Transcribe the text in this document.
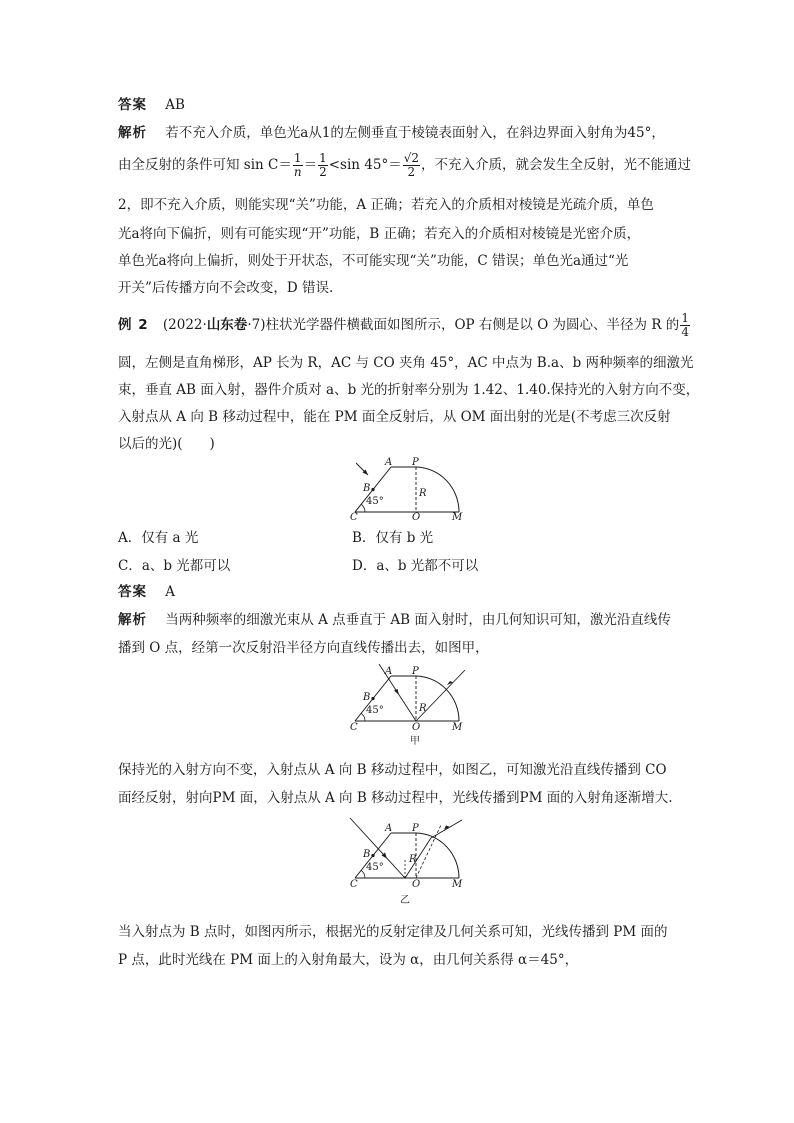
答案 AB
解析 若不充入介质，单色光a从1的左侧垂直于棱镜表面射入，在斜边界面入射角为45°，
由全反射的条件可知 $\sin C= \frac{1}{n} = \frac{1}{2} <\sin$ $45^\circ= \frac{√2}{2}$ ，不充入介质，就会发生全反射，光不能通过
2，即不充入介质，则能实现“关”功能，A 正确；若充入的介质相对棱镜是光疏介质，单色
光a将向下偏折，则有可能实现“开”功能，B 正确；若充入的介质相对棱镜是光密介质，
单色光a将向上偏折，则处于开状态，不可能实现“关”功能，C 错误；单色光a通过“光
开关”后传播方向不会改变，D 错误.
例 2 (2022·山东卷·7)柱状光学器件横截面如图所示，OP 右侧是以 O 为圆心、半径为 R 的 $\frac{1}{4}$
圆，左侧是直角梯形，AP 长为 R，AC 与 CO 夹角 45°，AC 中点为 B.a、b 两种频率的细激光
束，垂直 AB 面入射，器件介质对 a、b 光的折射率分别为 1.42、1.40.保持光的入射方向不变，
入射点从 A 向 B 移动过程中，能在 PM 面全反射后，从 OM 面出射的光是(不考虑三次反射
以后的光)(　　)
A P
B
C	O	M
R
45°
A．仅有 a 光	B．仅有 b 光
C．a、b 光都可以	D．a、b 光都不可以
答案 A
解析 当两种频率的细激光束从 A 点垂直于 AB 面入射时，由几何知识可知，激光沿直线传
播到 O 点，经第一次反射沿半径方向直线传播出去，如图甲，
A P
B
C	O	M
R
45°
甲
保持光的入射方向不变，入射点从 A 向 B 移动过程中，如图乙，可知激光沿直线传播到 CO
面经反射，射向PM 面，入射点从 A 向 B 移动过程中，光线传播到PM 面的入射角逐渐增大.
A P
B
C	O	M
R
45°
乙
当入射点为 B 点时，如图丙所示，根据光的反射定律及几何关系可知，光线传播到 PM 面的
P 点，此时光线在 PM 面上的入射角最大，设为 α，由几何关系得 α＝45°，
